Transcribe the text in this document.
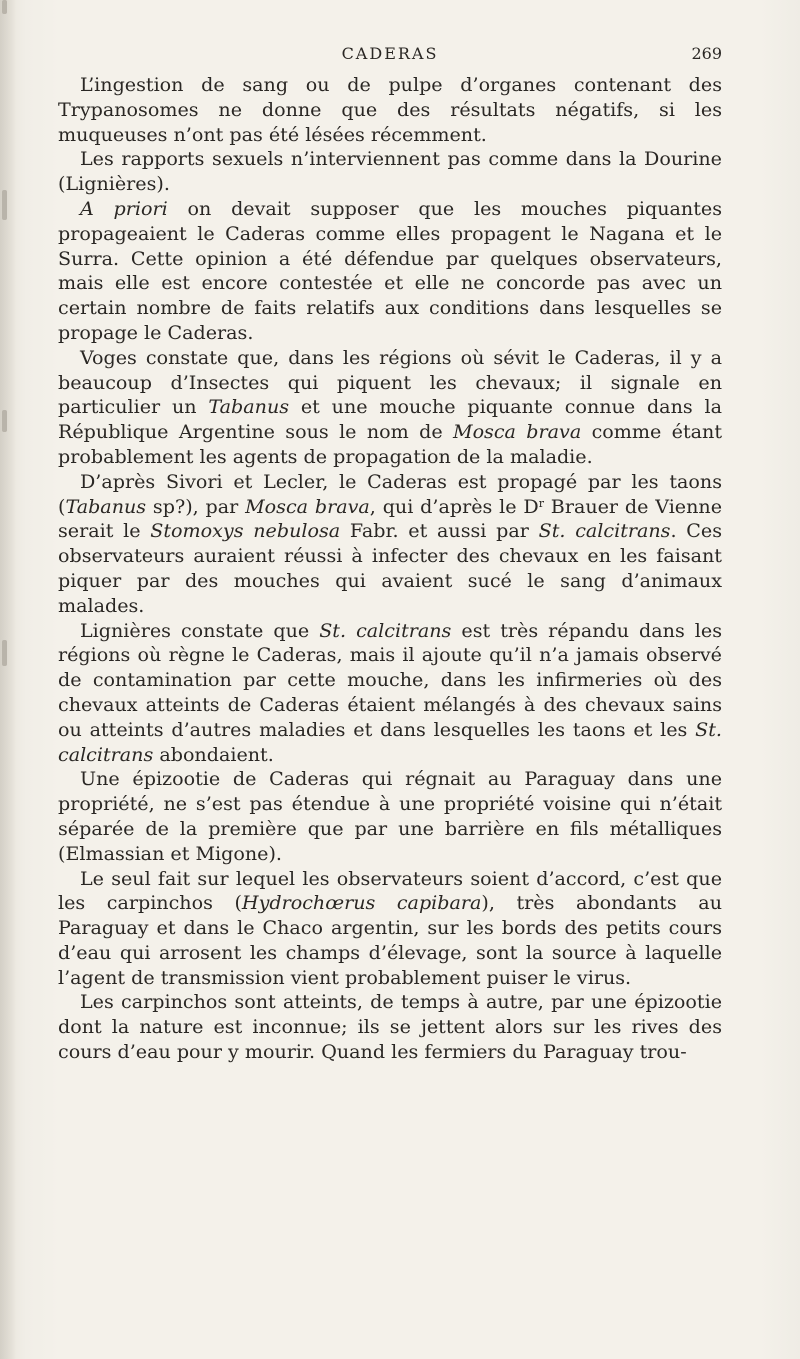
CADERAS	269

L’ingestion de sang ou de pulpe d’organes contenant des Trypanosomes ne donne que des résultats négatifs, si les muqueuses n’ont pas été lésées récemment.

Les rapports sexuels n’interviennent pas comme dans la Dourine (Lignières).

A priori on devait supposer que les mouches piquantes propageaient le Caderas comme elles propagent le Nagana et le Surra. Cette opinion a été défendue par quelques observateurs, mais elle est encore contestée et elle ne concorde pas avec un certain nombre de faits relatifs aux conditions dans lesquelles se propage le Caderas.

Voges constate que, dans les régions où sévit le Caderas, il y a beaucoup d’Insectes qui piquent les chevaux; il signale en particulier un Tabanus et une mouche piquante connue dans la République Argentine sous le nom de Mosca brava comme étant probablement les agents de propagation de la maladie.

D’après Sivori et Lecler, le Caderas est propagé par les taons (Tabanus sp?), par Mosca brava, qui d’après le $D^r$ Brauer de Vienne serait le Stomoxys nebulosa Fabr. et aussi par St. calcitrans. Ces observateurs auraient réussi à infecter des chevaux en les faisant piquer par des mouches qui avaient sucé le sang d’animaux malades.

Lignières constate que St. calcitrans est très répandu dans les régions où règne le Caderas, mais il ajoute qu’il n’a jamais observé de contamination par cette mouche, dans les infirmeries où des chevaux atteints de Caderas étaient mélangés à des chevaux sains ou atteints d’autres maladies et dans lesquelles les taons et les St. calcitrans abondaient.

Une épizootie de Caderas qui régnait au Paraguay dans une propriété, ne s’est pas étendue à une propriété voisine qui n’était séparée de la première que par une barrière en fils métalliques (Elmassian et Migone).

Le seul fait sur lequel les observateurs soient d’accord, c’est que les carpinchos (Hydrochœrus capibara), très abondants au Paraguay et dans le Chaco argentin, sur les bords des petits cours d’eau qui arrosent les champs d’élevage, sont la source à laquelle l’agent de transmission vient probablement puiser le virus.

Les carpinchos sont atteints, de temps à autre, par une épizootie dont la nature est inconnue; ils se jettent alors sur les rives des cours d’eau pour y mourir. Quand les fermiers du Paraguay trou-
